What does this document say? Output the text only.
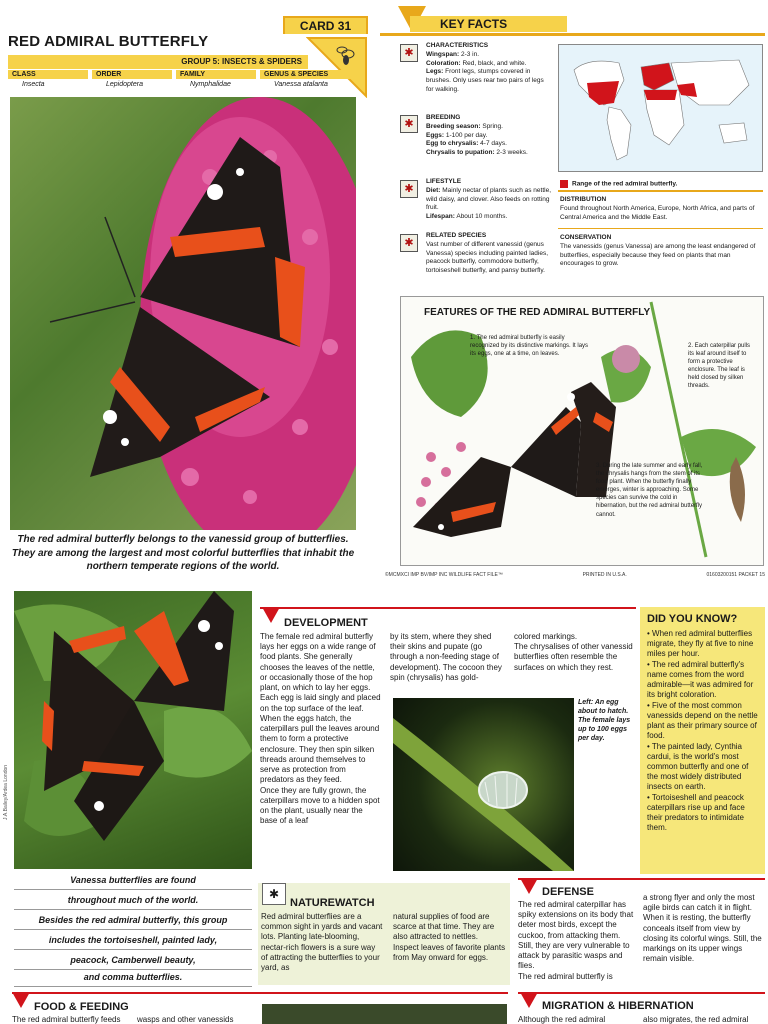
CARD 31
RED ADMIRAL BUTTERFLY
GROUP 5: INSECTS & SPIDERS
CLASS
Insecta
ORDER
Lepidoptera
FAMILY
Nymphalidae
GENUS & SPECIES
Vanessa atalanta

The red admiral butterfly belongs to the vanessid group of butterflies. They are among the largest and most colorful butterflies that inhabit the northern temperate regions of the world.

KEY FACTS
✱
CHARACTERISTICS
Wingspan: 2-3 in.
Coloration: Red, black, and white.
Legs: Front legs, stumps covered in brushes. Only uses rear two pairs of legs for walking.
✱
BREEDING
Breeding season: Spring.
Eggs: 1-100 per day.
Egg to chrysalis: 4-7 days.
Chrysalis to pupation: 2-3 weeks.
✱
LIFESTYLE
Diet: Mainly nectar of plants such as nettle, wild daisy, and clover. Also feeds on rotting fruit.
Lifespan: About 10 months.
✱
RELATED SPECIES
Vast number of different vanessid (genus Vanessa) species including painted ladies, peacock butterfly, commodore butterfly, tortoiseshell butterfly, and pansy butterfly.
Range of the red admiral butterfly.
DISTRIBUTION
Found throughout North America, Europe, North Africa, and parts of Central America and the Middle East.
CONSERVATION
The vanessids (genus Vanessa) are among the least endangered of butterflies, especially because they feed on plants that man encourages to grow.
FEATURES OF THE RED ADMIRAL BUTTERFLY

1. The red admiral butterfly is easily recognized by its distinctive markings. It lays its eggs, one at a time, on leaves.

2. Each caterpillar pulls its leaf around itself to form a protective enclosure. The leaf is held closed by silken threads.

3. During the late summer and early fall, the chrysalis hangs from the stem of its food plant. When the butterfly finally emerges, winter is approaching. Some species can survive the cold in hibernation, but the red admiral butterfly cannot.

©MCMXCI IMP BV/IMP INC WILDLIFE FACT FILE™	PRINTED IN U.S.A.	01603200151 PACKET 15
J.A.Bailey/Ardea London
Vanessa butterflies are found
throughout much of the world.
Besides the red admiral butterfly, this group
includes the tortoiseshell, painted lady,
peacock, Camberwell beauty,
and comma butterflies.
DEVELOPMENT

The female red admiral butterfly lays her eggs on a wide range of food plants. She generally chooses the leaves of the nettle, or occasionally those of the hop plant, on which to lay her eggs. Each egg is laid singly and placed on the top surface of the leaf.
When the eggs hatch, the caterpillars pull the leaves around them to form a protective enclosure. They then spin silken threads around themselves to serve as protection from predators as they feed.
Once they are fully grown, the caterpillars move to a hidden spot on the plant, usually near the base of a leaf

by its stem, where they shed their skins and pupate (go through a non-feeding stage of development). The cocoon they spin (chrysalis) has gold-

colored markings.
The chrysalises of other vanessid butterflies often resemble the surfaces on which they rest.

Left: An egg about to hatch. The female lays up to 100 eggs per day.

DID YOU KNOW?

• When red admiral butterflies migrate, they fly at five to nine miles per hour.

• The red admiral butterfly's name comes from the word admirable—it was admired for its bright coloration.

• Five of the most common vanessids depend on the nettle plant as their primary source of food.

• The painted lady, Cynthia cardui, is the world's most common butterfly and one of the most widely distributed insects on earth.

• Tortoiseshell and peacock caterpillars rise up and face their predators to intimidate them.

✱
NATUREWATCH

Red admiral butterflies are a common sight in yards and vacant lots. Planting late-blooming, nectar-rich flowers is a sure way of attracting the butterflies to your yard, as

natural supplies of food are scarce at that time. They are also attracted to nettles.
Inspect leaves of favorite plants from May onward for eggs.

DEFENSE

The red admiral caterpillar has spiky extensions on its body that deter most birds, except the cuckoo, from attacking them. Still, they are very vulnerable to attack by parasitic wasps and flies.
The red admiral butterfly is

a strong flyer and only the most agile birds can catch it in flight. When it is resting, the butterfly conceals itself from view by closing its colorful wings. Still, the markings on its upper wings remain visible.

FOOD & FEEDING

The red admiral butterfly feeds	wasps and other vanessids

MIGRATION & HIBERNATION

Although the red admiral	also migrates, the red admiral
